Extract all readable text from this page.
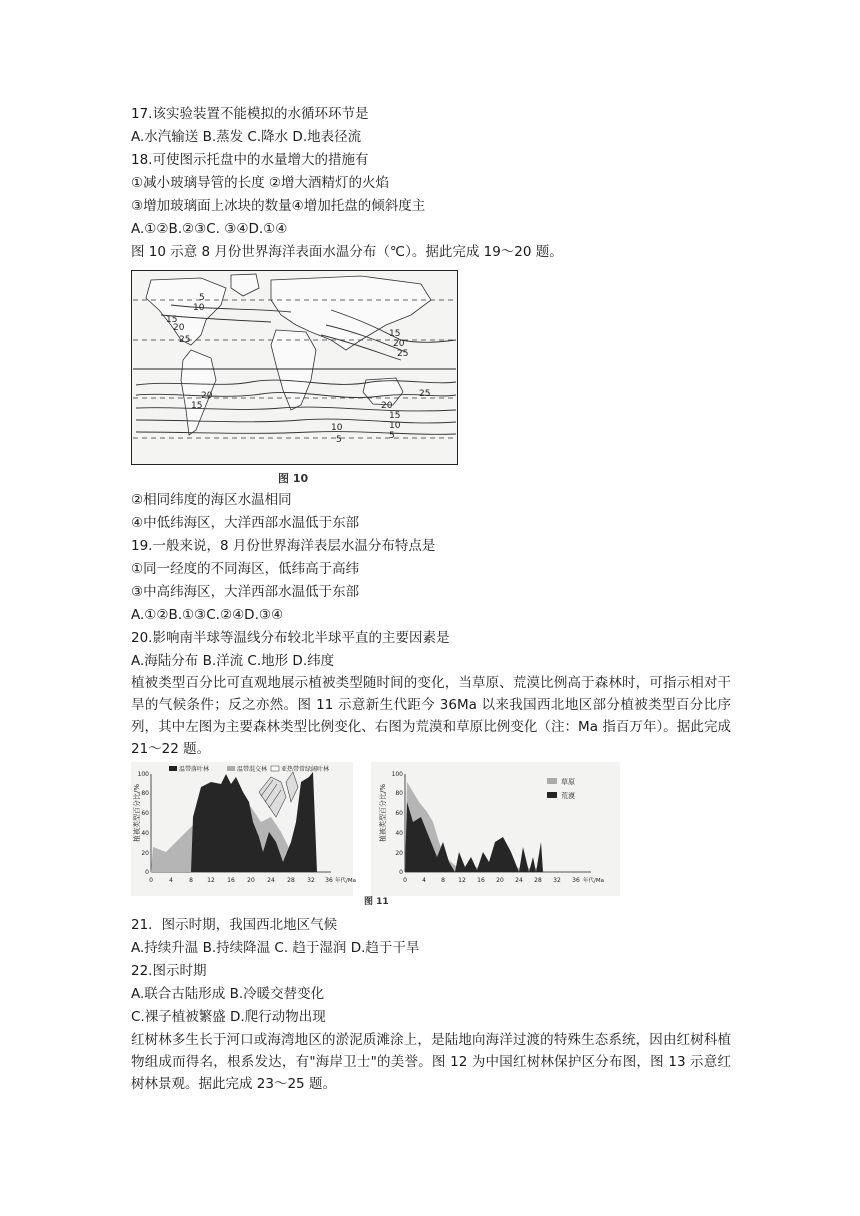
17.该实验装置不能模拟的水循环环节是
A.水汽输送 B.蒸发 C.降水 D.地表径流
18.可使图示托盘中的水量增大的措施有
①减小玻璃导管的长度 ②增大酒精灯的火焰
③增加玻璃面上冰块的数量④增加托盘的倾斜度主
A.①②B.②③C. ③④D.①④
图 10 示意 8 月份世界海洋表面水温分布（℃）。据此完成 19～20 题。
5
10
15
20
25
25
20
15
10
5
15
20
25
20
15
10
5
图 10
②相同纬度的海区水温相同
④中低纬海区，大洋西部水温低于东部
19.一般来说，8 月份世界海洋表层水温分布特点是
①同一经度的不同海区，低纬高于高纬
③中高纬海区，大洋西部水温低于东部
A.①②B.①③C.②④D.③④
20.影响南半球等温线分布较北半球平直的主要因素是
A.海陆分布 B.洋流 C.地形 D.纬度
植被类型百分比可直观地展示植被类型随时间的变化，当草原、荒漠比例高于森林时，可指示相对干旱的气候条件；反之亦然。图 11 示意新生代距今 36Ma 以来我国西北地区部分植被类型百分比序列，其中左图为主要森林类型比例变化、右图为荒漠和草原比例变化（注：Ma 指百万年）。据此完成 21～22 题。
温带落叶林	温带混交林 亚热带常绿阔叶林
植被类型百分比/%
0
20
40
60
80
100
0	4	8 12 16 20 24 28 32 36 年代/Ma
草原
荒漠
植被类型百分比/%
0
20
40
60
80
100
0	4	8 12 16 20 24 28 32 36 年代/Ma
图 11
21．图示时期，我国西北地区气候
A.持续升温 B.持续降温 C. 趋于湿润 D.趋于干旱
22.图示时期
A.联合古陆形成 B.冷暖交替变化
C.裸子植被繁盛 D.爬行动物出现
红树林多生长于河口或海湾地区的淤泥质滩涂上，是陆地向海洋过渡的特殊生态系统，因由红树科植物组成而得名，根系发达，有"海岸卫士"的美誉。图 12 为中国红树林保护区分布图，图 13 示意红树林景观。据此完成 23～25 题。
